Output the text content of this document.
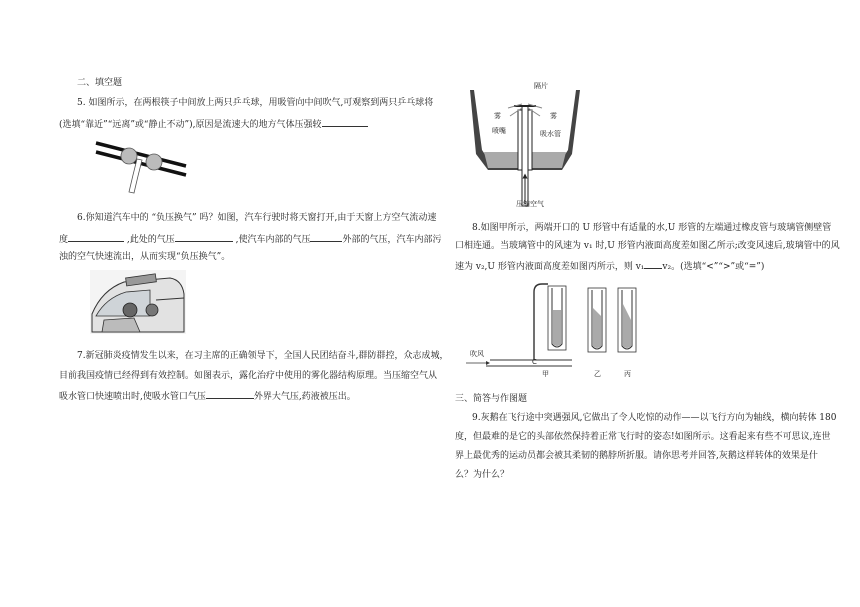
二、填空题
5. 如图所示，在两根筷子中间放上两只乒乓球，用吸管向中间吹气,可观察到两只乒乓球将
(选填“靠近”“远离”或“静止不动”),原因是流速大的地方气体压强较
6.你知道汽车中的 “负压换气” 吗？如图，汽车行驶时将天窗打开,由于天窗上方空气流动速
度	,此处的气压	,使汽车内部的气压	外部的气压，汽车内部污
浊的空气快速流出，从而实现“负压换气”。
7.新冠肺炎疫情发生以来，在习主席的正确领导下，全国人民团结奋斗,群防群控，众志成城，
目前我国疫情已经得到有效控制。如图表示，露化治疗中使用的雾化器结构原理。当压缩空气从
吸水管口快速喷出时,使吸水管口气压	外界大气压,药液被压出。
隔片
雾	雾
喷嘴	吸水管
压缩空气
8.如图甲所示，两端开口的 U 形管中有适量的水,U 形管的左端通过橡皮管与玻璃管侧壁管
口相连通。当玻璃管中的风速为 v₁ 时,U 形管内液面高度差如图乙所示;改变风速后,玻璃管中的风
速为 v₂,U 形管内液面高度差如图丙所示，则 v₁ v₂。(选填“<”“>”或“=”)
吹风
C
甲	乙	丙
三、简答与作图题
9.灰鹅在飞行途中突遇强风,它做出了令人吃惊的动作——以飞行方向为轴线，横向转体 180
度，但最难的是它的头部依然保持着正常飞行时的姿态!如图所示。这看起来有些不可思议,连世
界上最优秀的运动员都会被其柔韧的鹅脖所折服。请你思考并回答,灰鹅这样转体的效果是什
么？为什么？
